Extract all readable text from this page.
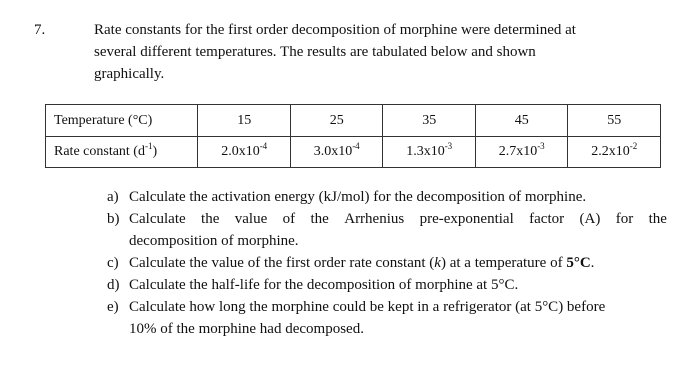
7.	Rate constants for the first order decomposition of morphine were determined at
several different temperatures. The results are tabulated below and shown
graphically.
Temperature (°C)	15	25	35	45	55
Rate constant $(d^{-1})$	$2.0x10^{-4}$	$3.0x10^{-4}$	$1.3x10^{-3}$	$2.7x10^{-3}$	$2.2x10^{-2}$
a) Calculate the activation energy (kJ/mol) for the decomposition of morphine.
b) Calculate the value of the Arrhenius pre-exponential factor (A) for the
decomposition of morphine.
c) Calculate the value of the first order rate constant (k) at a temperature of 5°C.
d) Calculate the half-life for the decomposition of morphine at 5°C.
e) Calculate how long the morphine could be kept in a refrigerator (at 5°C) before
10% of the morphine had decomposed.
